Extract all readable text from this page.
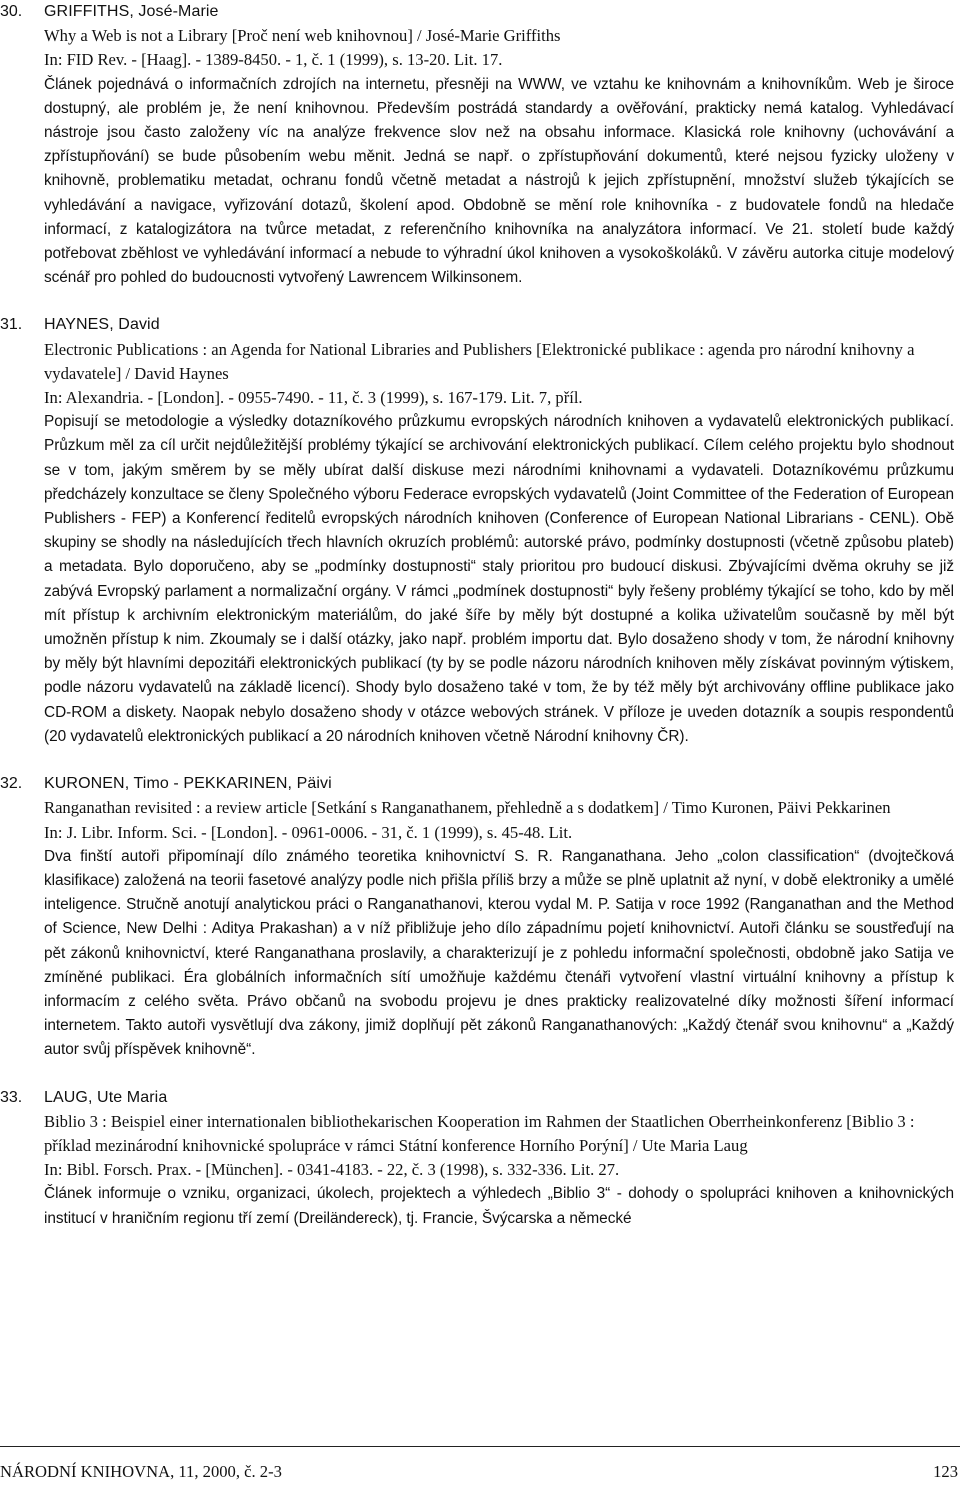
30. GRIFFITHS, José-Marie
Why a Web is not a Library [Proč není web knihovnou] / José-Marie Griffiths
In: FID Rev. - [Haag]. - 1389-8450. - 1, č. 1 (1999), s. 13-20. Lit. 17.
Článek pojednává o informačních zdrojích na internetu, přesněji na WWW, ve vztahu ke knihovnám a knihovníkům. Web je široce dostupný, ale problém je, že není knihovnou. Především postrádá standardy a ověřování, prakticky nemá katalog. Vyhledávací nástroje jsou často založeny víc na analýze frekvence slov než na obsahu informace. Klasická role knihovny (uchovávání a zpřístupňování) se bude působením webu měnit. Jedná se např. o zpřístupňování dokumentů, které nejsou fyzicky uloženy v knihovně, problematiku metadat, ochranu fondů včetně metadat a nástrojů k jejich zpřístupnění, množství služeb týkajících se vyhledávání a navigace, vyřizování dotazů, školení apod. Obdobně se mění role knihovníka - z budovatele fondů na hledače informací, z katalogizátora na tvůrce metadat, z referenčního knihovníka na analyzátora informací. Ve 21. století bude každý potřebovat zběhlost ve vyhledávání informací a nebude to výhradní úkol knihoven a vysokoškoláků. V závěru autorka cituje modelový scénář pro pohled do budoucnosti vytvořený Lawrencem Wilkinsonem.
31. HAYNES, David
Electronic Publications : an Agenda for National Libraries and Publishers [Elektronické publikace : agenda pro národní knihovny a vydavatele] / David Haynes
In: Alexandria. - [London]. - 0955-7490. - 11, č. 3 (1999), s. 167-179. Lit. 7, příl.
Popisují se metodologie a výsledky dotazníkového průzkumu evropských národních knihoven a vydavatelů elektronických publikací. Průzkum měl za cíl určit nejdůležitější problémy týkající se archivování elektronických publikací. Cílem celého projektu bylo shodnout se v tom, jakým směrem by se měly ubírat další diskuse mezi národními knihovnami a vydavateli. Dotazníkovému průzkumu předcházely konzultace se členy Společného výboru Federace evropských vydavatelů (Joint Committee of the Federation of European Publishers - FEP) a Konferencí ředitelů evropských národních knihoven (Conference of European National Librarians - CENL). Obě skupiny se shodly na následujících třech hlavních okruzích problémů: autorské právo, podmínky dostupnosti (včetně způsobu plateb) a metadata. Bylo doporučeno, aby se „podmínky dostupnosti“ staly prioritou pro budoucí diskusi. Zbývajícími dvěma okruhy se již zabývá Evropský parlament a normalizační orgány. V rámci „podmínek dostupnosti“ byly řešeny problémy týkající se toho, kdo by měl mít přístup k archivním elektronickým materiálům, do jaké šíře by měly být dostupné a kolika uživatelům současně by měl být umožněn přístup k nim. Zkoumaly se i další otázky, jako např. problém importu dat. Bylo dosaženo shody v tom, že národní knihovny by měly být hlavními depozitáři elektronických publikací (ty by se podle názoru národních knihoven měly získávat povinným výtiskem, podle názoru vydavatelů na základě licencí). Shody bylo dosaženo také v tom, že by též měly být archivovány offline publikace jako CD-ROM a diskety. Naopak nebylo dosaženo shody v otázce webových stránek. V příloze je uveden dotazník a soupis respondentů (20 vydavatelů elektronických publikací a 20 národních knihoven včetně Národní knihovny ČR).
32. KURONEN, Timo - PEKKARINEN, Päivi
Ranganathan revisited : a review article [Setkání s Ranganathanem, přehledně a s dodatkem] / Timo Kuronen, Päivi Pekkarinen
In: J. Libr. Inform. Sci. - [London]. - 0961-0006. - 31, č. 1 (1999), s. 45-48. Lit.
Dva finští autoři připomínají dílo známého teoretika knihovnictví S. R. Ranganathana. Jeho „colon classification“ (dvojtečková klasifikace) založená na teorii fasetové analýzy podle nich přišla příliš brzy a může se plně uplatnit až nyní, v době elektroniky a umělé inteligence. Stručně anotují analytickou práci o Ranganathanovi, kterou vydal M. P. Satija v roce 1992 (Ranganathan and the Method of Science, New Delhi : Aditya Prakashan) a v níž přibližuje jeho dílo západnímu pojetí knihovnictví. Autoři článku se soustřeďují na pět zákonů knihovnictví, které Ranganathana proslavily, a charakterizují je z pohledu informační společnosti, obdobně jako Satija ve zmíněné publikaci. Éra globálních informačních sítí umožňuje každému čtenáři vytvoření vlastní virtuální knihovny a přístup k informacím z celého světa. Právo občanů na svobodu projevu je dnes prakticky realizovatelné díky možnosti šíření informací internetem. Takto autoři vysvětlují dva zákony, jimiž doplňují pět zákonů Ranganathanových: „Každý čtenář svou knihovnu“ a „Každý autor svůj příspěvek knihovně“.
33. LAUG, Ute Maria
Biblio 3 : Beispiel einer internationalen bibliothekarischen Kooperation im Rahmen der Staatlichen Oberrheinkonferenz [Biblio 3 : příklad mezinárodní knihovnické spolupráce v rámci Státní konference Horního Porýní] / Ute Maria Laug
In: Bibl. Forsch. Prax. - [München]. - 0341-4183. - 22, č. 3 (1998), s. 332-336. Lit. 27.
Článek informuje o vzniku, organizaci, úkolech, projektech a výhledech „Biblio 3“ - dohody o spolupráci knihoven a knihovnických institucí v hraničním regionu tří zemí (Dreiländereck), tj. Francie, Švýcarska a německé
NÁRODNÍ KNIHOVNA, 11, 2000, č. 2-3	123
